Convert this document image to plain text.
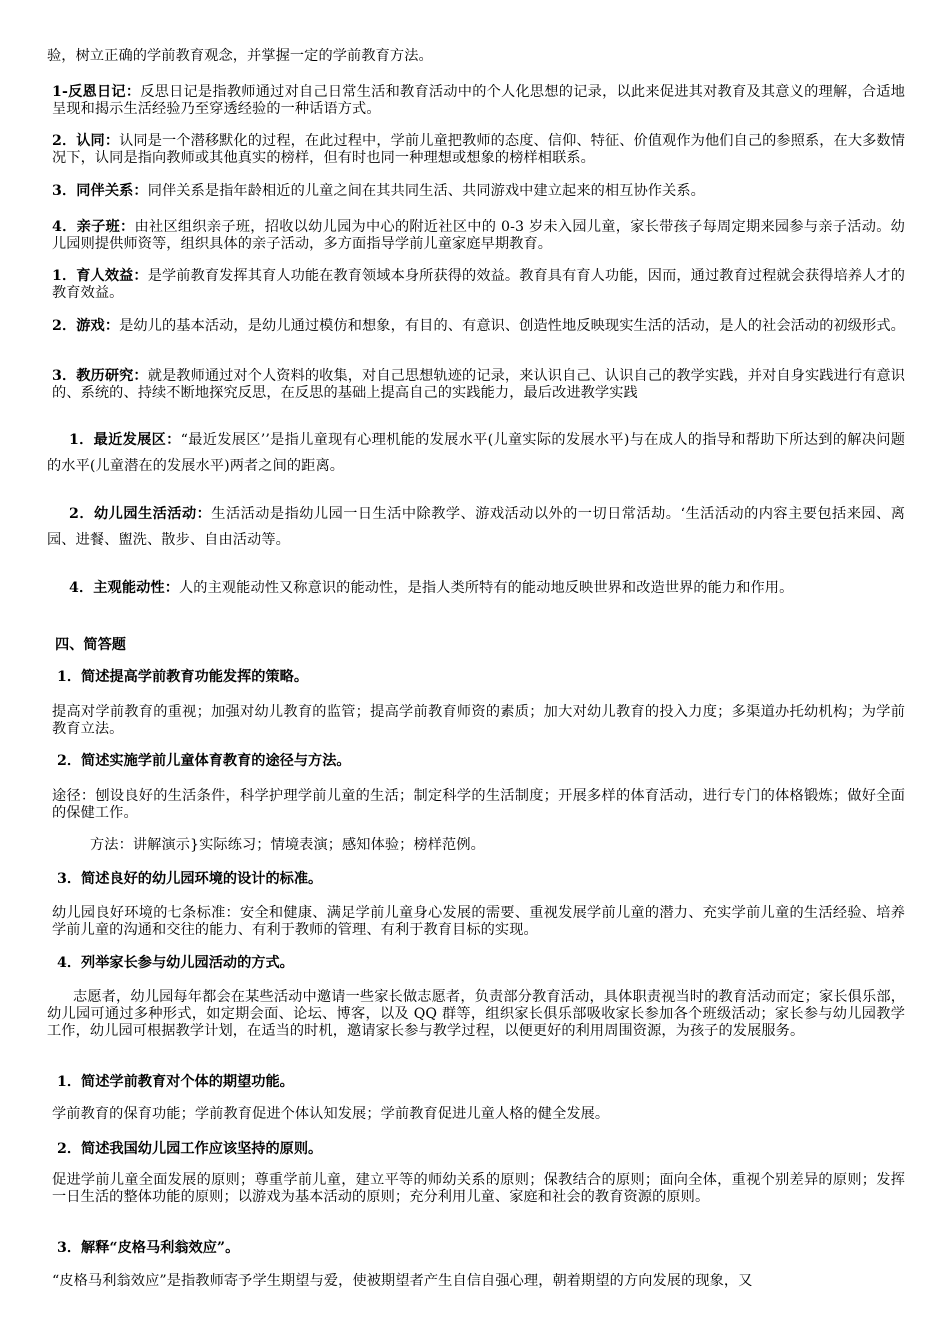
验，树立正确的学前教育观念，并掌握一定的学前教育方法。
1-反恩日记：反思日记是指教师通过对自己日常生活和教育活动中的个人化思想的记录，以此来促进其对教育及其意义的理解，合适地呈现和揭示生活经验乃至穿透经验的一种话语方式。
2．认同：认同是一个潜移默化的过程，在此过程中，学前儿童把教师的态度、信仰、特征、价值观作为他们自己的参照系，在大多数情况下，认同是指向教师或其他真实的榜样，但有时也同一种理想或想象的榜样相联系。
3．同伴关系：同伴关系是指年龄相近的儿童之间在其共同生活、共同游戏中建立起来的相互协作关系。
4．亲子班：由社区组织亲子班，招收以幼儿园为中心的附近社区中的 0-3 岁未入园儿童，家长带孩子每周定期来园参与亲子活动。幼儿园则提供师资等，组织具体的亲子活动，多方面指导学前儿童家庭早期教育。
1．育人效益：是学前教育发挥其育人功能在教育领域本身所获得的效益。教育具有育人功能，因而，通过教育过程就会获得培养人才的教育效益。
2．游戏：是幼儿的基本活动，是幼儿通过模仿和想象，有目的、有意识、创造性地反映现实生活的活动，是人的社会活动的初级形式。
3．教历研究：就是教师通过对个人资料的收集，对自己思想轨迹的记录，来认识自己、认识自己的教学实践，并对自身实践进行有意识的、系统的、持续不断地探究反思，在反思的基础上提高自己的实践能力，最后改进教学实践
1．最近发展区：“最近发展区’’是指儿童现有心理机能的发展水平(儿童实际的发展水平)与在成人的指导和帮助下所达到的解决问题的水平(儿童潜在的发展水平)两者之间的距离。
2．幼儿园生活活动：生活活动是指幼儿园一日生活中除教学、游戏活动以外的一切日常活劫。‘生活活动的内容主要包括来园、离园、进餐、盥洗、散步、自由活动等。
4．主观能动性：人的主观能动性又称意识的能动性，是指人类所特有的能动地反映世界和改造世界的能力和作用。
四、简答题
1．简述提高学前教育功能发挥的策略。
提高对学前教育的重视；加强对幼儿教育的监管；提高学前教育师资的素质；加大对幼儿教育的投入力度；多渠道办托幼机构；为学前教育立法。
2．简述实施学前儿童体育教育的途径与方法。
途径：刨设良好的生活条件，科学护理学前儿童的生活；制定科学的生活制度；开展多样的体育活动，进行专门的体格锻炼；做好全面的保健工作。
方法：讲解演示}实际练习；情境表演；感知体验；榜样范例。
3．简述良好的幼儿园环境的设计的标准。
幼儿园良好环境的七条标准：安全和健康、满足学前儿童身心发展的需要、重视发展学前儿童的潜力、充实学前儿童的生活经验、培养学前儿童的沟通和交往的能力、有利于教师的管理、有利于教育目标的实现。
4．列举家长参与幼儿园活动的方式。
志愿者，幼儿园每年都会在某些活动中邀请一些家长做志愿者，负责部分教育活动，具体职责视当时的教育活动而定；家长俱乐部，幼儿园可通过多种形式，如定期会面、论坛、博客，以及 QQ 群等，组织家长俱乐部吸收家长参加各个班级活动；家长参与幼儿园教学工作，幼儿园可根据教学计划，在适当的时机，邀请家长参与教学过程，以便更好的利用周围资源，为孩子的发展服务。
1．简述学前教育对个体的期望功能。
学前教育的保育功能；学前教育促进个体认知发展；学前教育促进儿童人格的健全发展。
2．简述我国幼儿园工作应该坚持的原则。
促进学前儿童全面发展的原则；尊重学前儿童，建立平等的师幼关系的原则；保教结合的原则；面向全体，重视个别差异的原则；发挥一日生活的整体功能的原则；以游戏为基本活动的原则；充分利用儿童、家庭和社会的教育资源的原则。
3．解释“皮格马利翁效应”。
“皮格马利翁效应”是指教师寄予学生期望与爱，使被期望者产生自信自强心理，朝着期望的方向发展的现象，又
